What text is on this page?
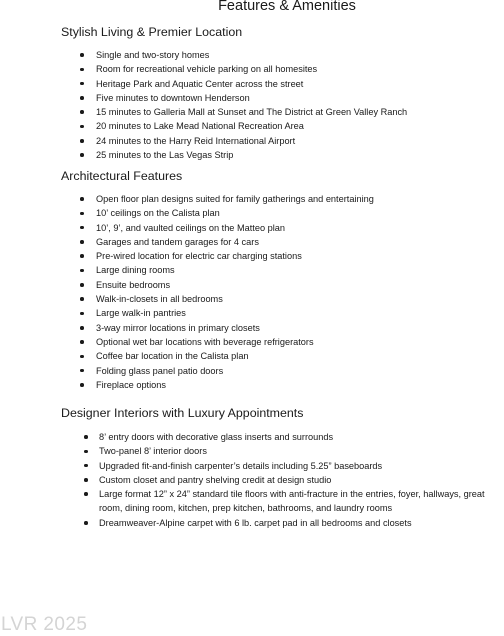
Features & Amenities
Stylish Living & Premier Location
Single and two-story homes
Room for recreational vehicle parking on all homesites
Heritage Park and Aquatic Center across the street
Five minutes to downtown Henderson
15 minutes to Galleria Mall at Sunset and The District at Green Valley Ranch
20 minutes to Lake Mead National Recreation Area
24 minutes to the Harry Reid International Airport
25 minutes to the Las Vegas Strip
Architectural Features
Open floor plan designs suited for family gatherings and entertaining
10’ ceilings on the Calista plan
10’, 9’, and vaulted ceilings on the Matteo plan
Garages and tandem garages for 4 cars
Pre-wired location for electric car charging stations
Large dining rooms
Ensuite bedrooms
Walk-in-closets in all bedrooms
Large walk-in pantries
3-way mirror locations in primary closets
Optional wet bar locations with beverage refrigerators
Coffee bar location in the Calista plan
Folding glass panel patio doors
Fireplace options
Designer Interiors with Luxury Appointments
8’ entry doors with decorative glass inserts and surrounds
Two-panel 8’ interior doors
Upgraded fit-and-finish carpenter’s details including 5.25” baseboards
Custom closet and pantry shelving credit at design studio
Large format 12” x 24” standard tile floors with anti-fracture in the entries, foyer, hallways, great room, dining room, kitchen, prep kitchen, bathrooms, and laundry rooms
Dreamweaver-Alpine carpet with 6 lb. carpet pad in all bedrooms and closets
LVR 2025
